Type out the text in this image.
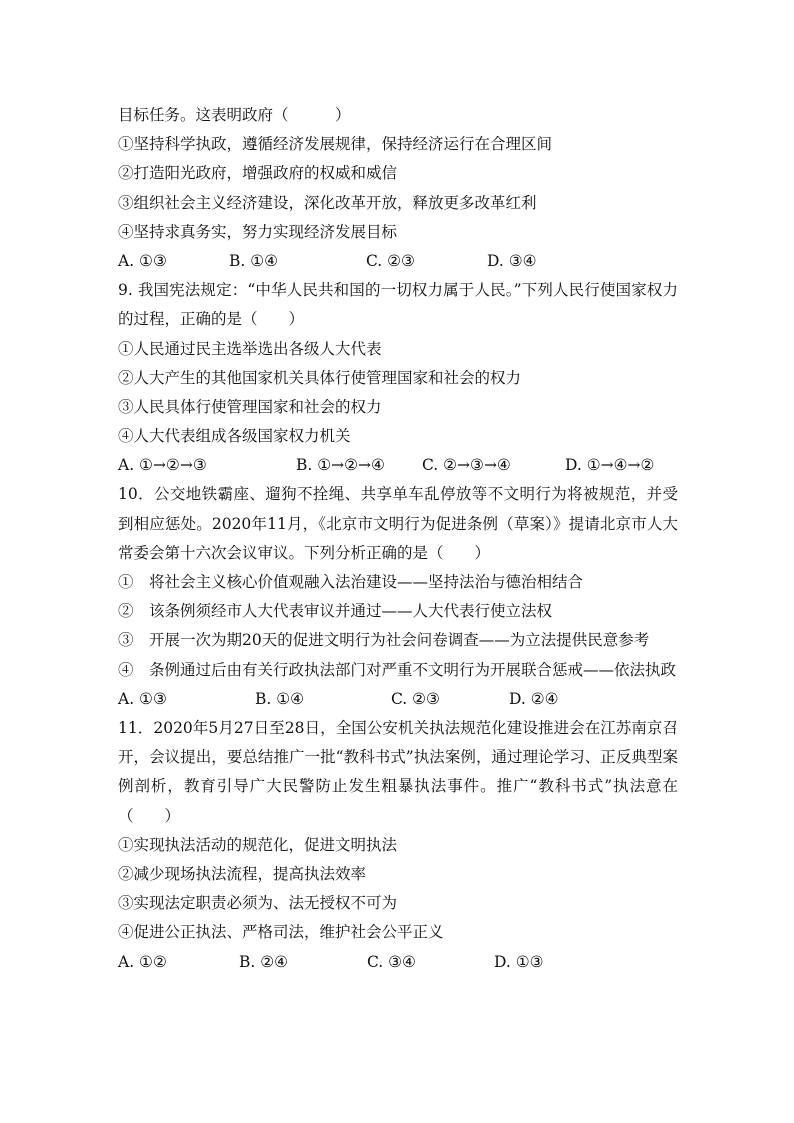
目标任务。这表明政府（　　　）
①坚持科学执政，遵循经济发展规律，保持经济运行在合理区间
②打造阳光政府，增强政府的权威和威信
③组织社会主义经济建设，深化改革开放，释放更多改革红利
④坚持求真务实，努力实现经济发展目标
A. ①③	B. ①④	C. ②③	D. ③④
9. 我国宪法规定：“中华人民共和国的一切权力属于人民。”下列人民行使国家权力的过程，正确的是（　　）
①人民通过民主选举选出各级人大代表
②人大产生的其他国家机关具体行使管理国家和社会的权力
③人民具体行使管理国家和社会的权力
④人大代表组成各级国家权力机关
A. ①→②→③	B. ①→②→④	C. ②→③→④	D. ①→④→②
10．公交地铁霸座、遛狗不拴绳、共享单车乱停放等不文明行为将被规范，并受到相应惩处。2020年11月，《北京市文明行为促进条例（草案）》提请北京市人大常委会第十六次会议审议。下列分析正确的是（　　）
①　将社会主义核心价值观融入法治建设——坚持法治与德治相结合
②　该条例须经市人大代表审议并通过——人大代表行使立法权
③　开展一次为期20天的促进文明行为社会问卷调查——为立法提供民意参考
④　条例通过后由有关行政执法部门对严重不文明行为开展联合惩戒——依法执政
A. ①③	B. ①④	C. ②③	D. ②④
11．2020年5月27日至28日，全国公安机关执法规范化建设推进会在江苏南京召开，会议提出，要总结推广一批“教科书式”执法案例，通过理论学习、正反典型案例剖析，教育引导广大民警防止发生粗暴执法事件。推广“教科书式”执法意在（　　）
①实现执法活动的规范化，促进文明执法
②减少现场执法流程，提高执法效率
③实现法定职责必须为、法无授权不可为
④促进公正执法、严格司法，维护社会公平正义
A. ①②	B. ②④	C. ③④	D. ①③
